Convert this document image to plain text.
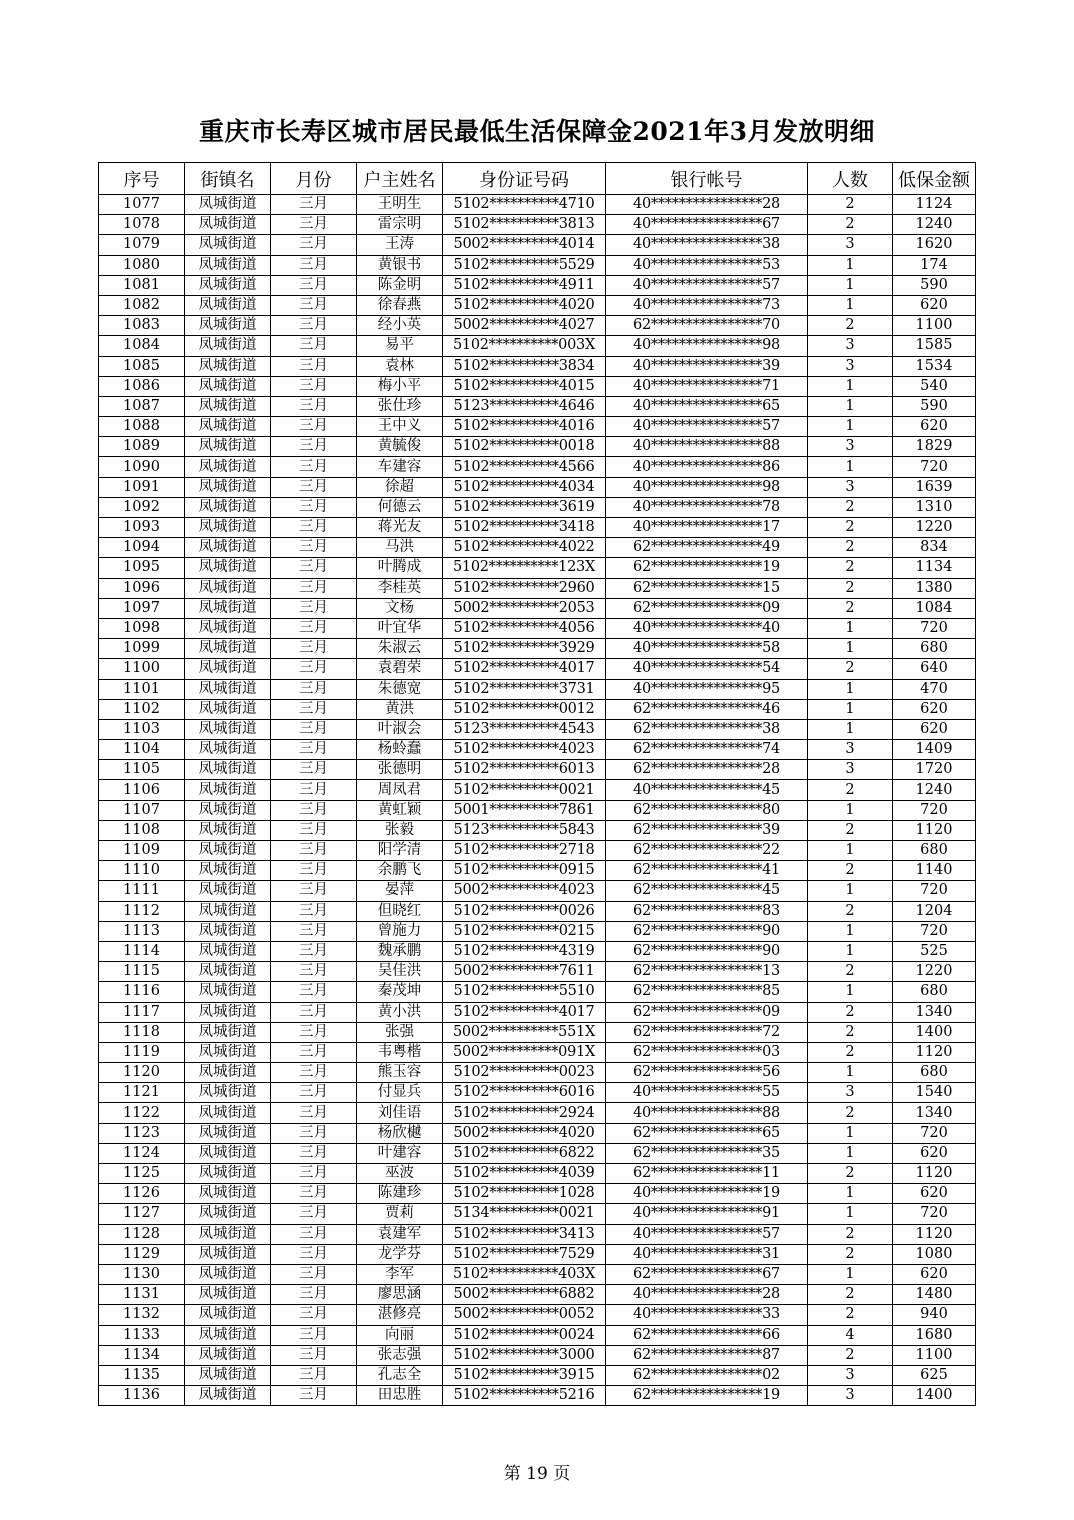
重庆市长寿区城市居民最低生活保障金2021年3月发放明细
序号	街镇名	月份	户主姓名	身份证号码	银行帐号	人数	低保金额
1077	凤城街道	三月	王明生	5102**********4710	40****************28	2	1124
1078	凤城街道	三月	雷宗明	5102**********3813	40****************67	2	1240
1079	凤城街道	三月	王涛	5002**********4014	40****************38	3	1620
1080	凤城街道	三月	黄银书	5102**********5529	40****************53	1	174
1081	凤城街道	三月	陈金明	5102**********4911	40****************57	1	590
1082	凤城街道	三月	徐春燕	5102**********4020	40****************73	1	620
1083	凤城街道	三月	经小英	5002**********4027	62****************70	2	1100
1084	凤城街道	三月	易平	5102**********003X	40****************98	3	1585
1085	凤城街道	三月	袁林	5102**********3834	40****************39	3	1534
1086	凤城街道	三月	梅小平	5102**********4015	40****************71	1	540
1087	凤城街道	三月	张仕珍	5123**********4646	40****************65	1	590
1088	凤城街道	三月	王中义	5102**********4016	40****************57	1	620
1089	凤城街道	三月	黄毓俊	5102**********0018	40****************88	3	1829
1090	凤城街道	三月	车建容	5102**********4566	40****************86	1	720
1091	凤城街道	三月	徐超	5102**********4034	40****************98	3	1639
1092	凤城街道	三月	何德云	5102**********3619	40****************78	2	1310
1093	凤城街道	三月	蒋光友	5102**********3418	40****************17	2	1220
1094	凤城街道	三月	马洪	5102**********4022	62****************49	2	834
1095	凤城街道	三月	叶腾成	5102**********123X	62****************19	2	1134
1096	凤城街道	三月	李桂英	5102**********2960	62****************15	2	1380
1097	凤城街道	三月	文杨	5002**********2053	62****************09	2	1084
1098	凤城街道	三月	叶宜华	5102**********4056	40****************40	1	720
1099	凤城街道	三月	朱淑云	5102**********3929	40****************58	1	680
1100	凤城街道	三月	袁碧荣	5102**********4017	40****************54	2	640
1101	凤城街道	三月	朱德宽	5102**********3731	40****************95	1	470
1102	凤城街道	三月	黄洪	5102**********0012	62****************46	1	620
1103	凤城街道	三月	叶淑会	5123**********4543	62****************38	1	620
1104	凤城街道	三月	杨蛉蠢	5102**********4023	62****************74	3	1409
1105	凤城街道	三月	张德明	5102**********6013	62****************28	3	1720
1106	凤城街道	三月	周凤君	5102**********0021	40****************45	2	1240
1107	凤城街道	三月	黄虹颖	5001**********7861	62****************80	1	720
1108	凤城街道	三月	张毅	5123**********5843	62****************39	2	1120
1109	凤城街道	三月	阳学清	5102**********2718	62****************22	1	680
1110	凤城街道	三月	余鹏飞	5102**********0915	62****************41	2	1140
1111	凤城街道	三月	晏萍	5002**********4023	62****************45	1	720
1112	凤城街道	三月	但晓红	5102**********0026	62****************83	2	1204
1113	凤城街道	三月	曾施力	5102**********0215	62****************90	1	720
1114	凤城街道	三月	魏承鹏	5102**********4319	62****************90	1	525
1115	凤城街道	三月	吴佳洪	5002**********7611	62****************13	2	1220
1116	凤城街道	三月	秦茂坤	5102**********5510	62****************85	1	680
1117	凤城街道	三月	黄小洪	5102**********4017	62****************09	2	1340
1118	凤城街道	三月	张强	5002**********551X	62****************72	2	1400
1119	凤城街道	三月	韦粤楷	5002**********091X	62****************03	2	1120
1120	凤城街道	三月	熊玉容	5102**********0023	62****************56	1	680
1121	凤城街道	三月	付显兵	5102**********6016	40****************55	3	1540
1122	凤城街道	三月	刘佳语	5102**********2924	40****************88	2	1340
1123	凤城街道	三月	杨欣樾	5002**********4020	62****************65	1	720
1124	凤城街道	三月	叶建容	5102**********6822	62****************35	1	620
1125	凤城街道	三月	巫波	5102**********4039	62****************11	2	1120
1126	凤城街道	三月	陈建珍	5102**********1028	40****************19	1	620
1127	凤城街道	三月	贾莉	5134**********0021	40****************91	1	720
1128	凤城街道	三月	袁建军	5102**********3413	40****************57	2	1120
1129	凤城街道	三月	龙学芬	5102**********7529	40****************31	2	1080
1130	凤城街道	三月	李军	5102**********403X	62****************67	1	620
1131	凤城街道	三月	廖思涵	5002**********6882	40****************28	2	1480
1132	凤城街道	三月	湛修亮	5002**********0052	40****************33	2	940
1133	凤城街道	三月	向丽	5102**********0024	62****************66	4	1680
1134	凤城街道	三月	张志强	5102**********3000	62****************87	2	1100
1135	凤城街道	三月	孔志全	5102**********3915	62****************02	3	625
1136	凤城街道	三月	田忠胜	5102**********5216	62****************19	3	1400
第 19 页
